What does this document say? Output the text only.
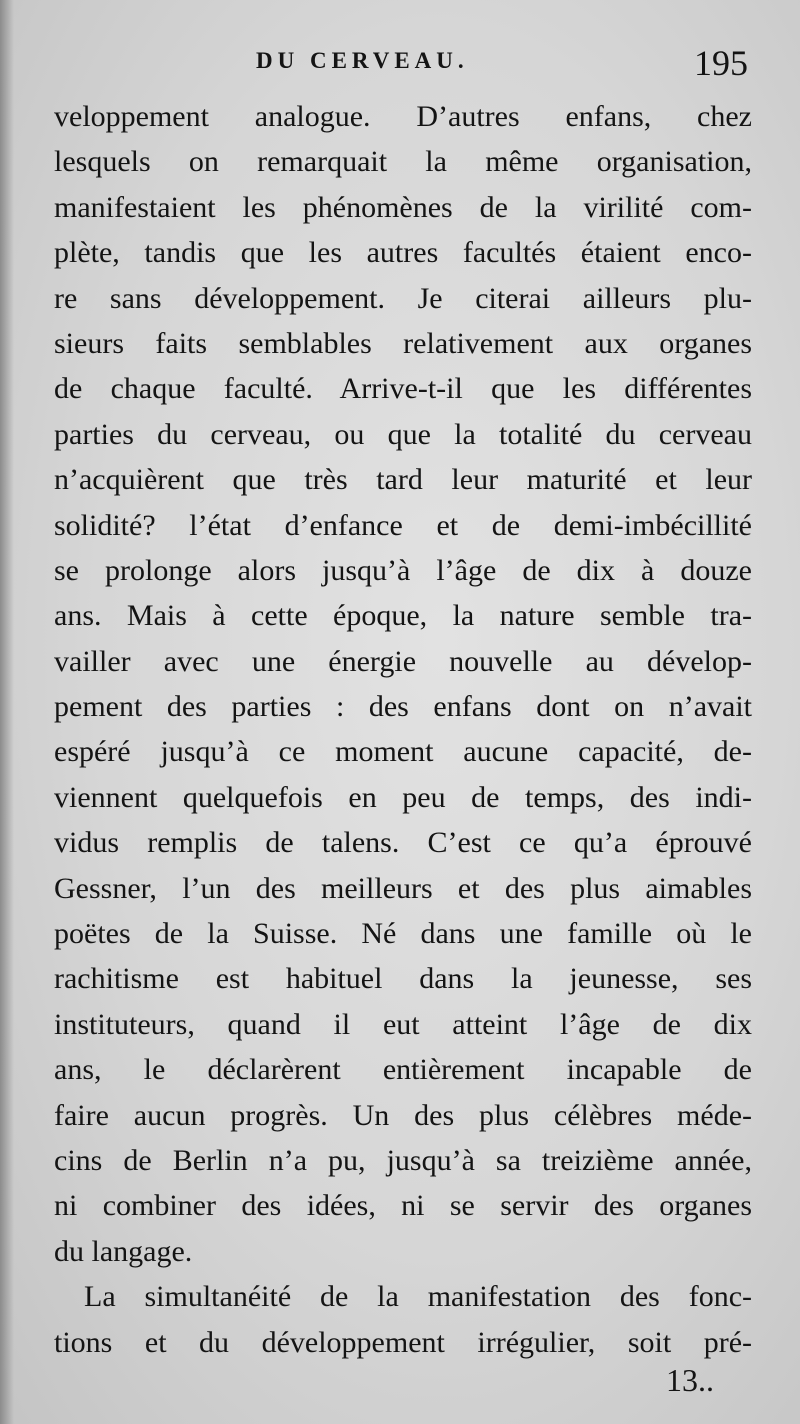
DU CERVEAU.	195
veloppement analogue. D’autres enfans, chez
lesquels on remarquait la même organisation,
manifestaient les phénomènes de la virilité com-
plète, tandis que les autres facultés étaient enco-
re sans développement. Je citerai ailleurs plu-
sieurs faits semblables relativement aux organes
de chaque faculté. Arrive-t-il que les différentes
parties du cerveau, ou que la totalité du cerveau
n’acquièrent que très tard leur maturité et leur
solidité? l’état d’enfance et de demi-imbécillité
se prolonge alors jusqu’à l’âge de dix à douze
ans. Mais à cette époque, la nature semble tra-
vailler avec une énergie nouvelle au dévelop-
pement des parties : des enfans dont on n’avait
espéré jusqu’à ce moment aucune capacité, de-
viennent quelquefois en peu de temps, des indi-
vidus remplis de talens. C’est ce qu’a éprouvé
Gessner, l’un des meilleurs et des plus aimables
poëtes de la Suisse. Né dans une famille où le
rachitisme est habituel dans la jeunesse, ses
instituteurs, quand il eut atteint l’âge de dix
ans, le déclarèrent entièrement incapable de
faire aucun progrès. Un des plus célèbres méde-
cins de Berlin n’a pu, jusqu’à sa treizième année,
ni combiner des idées, ni se servir des organes
du langage.
La simultanéité de la manifestation des fonc-
tions et du développement irrégulier, soit pré-
13..
